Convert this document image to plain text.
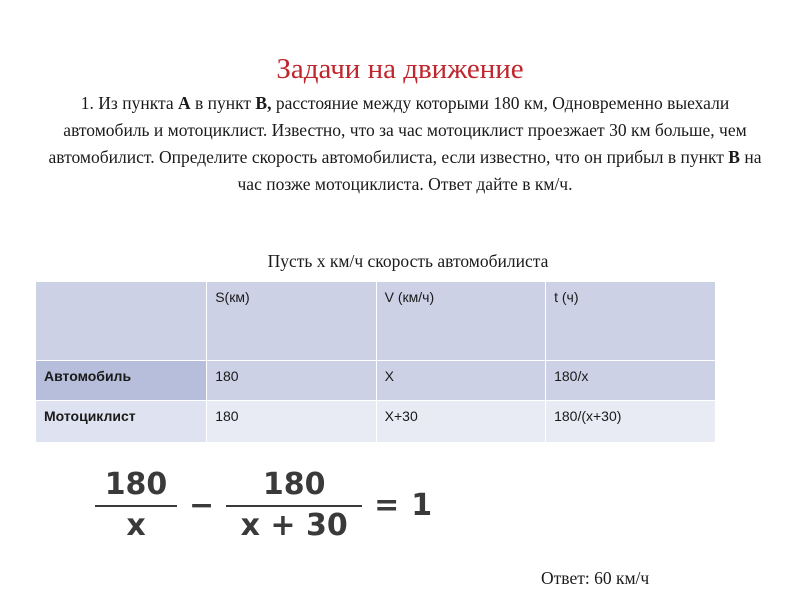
Задачи на движение
1. Из пункта А в пункт В, расстояние между которыми 180 км, Одновременно выехали автомобиль и мотоциклист. Известно, что за час мотоциклист проезжает 30 км больше, чем автомобилист. Определите скорость автомобилиста, если известно, что он прибыл в пункт В на час позже мотоциклиста. Ответ дайте в км/ч.
Пусть х км/ч скорость автомобилиста
	S(км)	V (км/ч)	t (ч)
Автомобиль	180	X	180/x
Мотоциклист	180	X+30	180/(x+30)
$\frac{180}{x} - \frac{180}{x + 30} = 1$
Ответ: 60 км/ч
